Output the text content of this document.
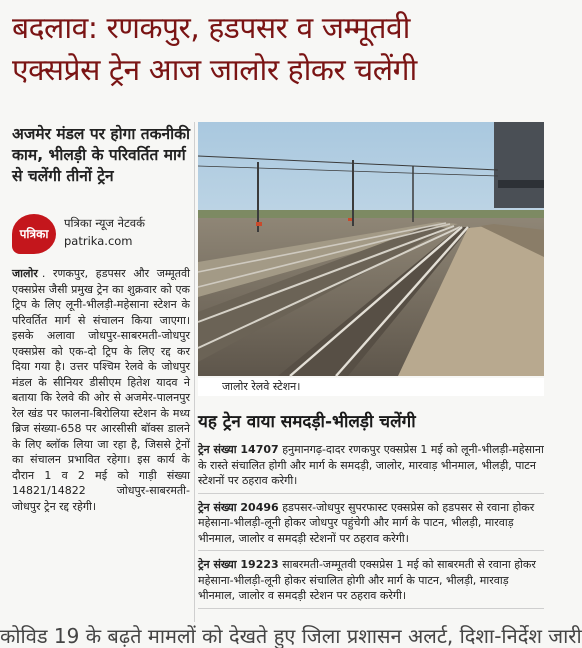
बदलाव: रणकपुर, हडपसर व जम्मूतवी
एक्सप्रेस ट्रेन आज जालोर होकर चलेंगी
अजमेर मंडल पर होगा तकनीकी काम, भीलड़ी के परिवर्तित मार्ग से चलेंगी तीनों ट्रेन
पत्रिका
पत्रिका न्यूज नेटवर्क
patrika.com
जालोर . रणकपुर, हडपसर और जम्मूतवी एक्सप्रेस जैसी प्रमुख ट्रेन का शुक्रवार को एक ट्रिप के लिए लूनी-भीलड़ी-महेसाना स्टेशन के परिवर्तित मार्ग से संचालन किया जाएगा। इसके अलावा जोधपुर-साबरमती-जोधपुर एक्सप्रेस को एक-दो ट्रिप के लिए रद्द कर दिया गया है। उत्तर पश्चिम रेलवे के जोधपुर मंडल के सीनियर डीसीएम हितेश यादव ने बताया कि रेलवे की ओर से अजमेर-पालनपुर रेल खंड पर फालना-बिरोलिया स्टेशन के मध्य ब्रिज संख्या-658 पर आरसीसी बॉक्स डालने के लिए ब्लॉक लिया जा रहा है, जिससे ट्रेनों का संचालन प्रभावित रहेगा। इस कार्य के दौरान 1 व 2 मई को गाड़ी संख्या 14821/14822 जोधपुर-साबरमती-जोधपुर ट्रेन रद्द रहेगी।
जालोर रेलवे स्टेशन।
यह ट्रेन वाया समदड़ी-भीलड़ी चलेंगी
ट्रेन संख्या 14707 हनुमानगढ़-दादर रणकपुर एक्सप्रेस 1 मई को लूनी-भीलड़ी-महेसाना के रास्ते संचालित होगी और मार्ग के समदड़ी, जालोर, मारवाड़ भीनमाल, भीलड़ी, पाटन स्टेशनों पर ठहराव करेगी।
ट्रेन संख्या 20496 हडपसर-जोधपुर सुपरफास्ट एक्सप्रेस को हडपसर से रवाना होकर महेसाना-भीलड़ी-लूनी होकर जोधपुर पहुंचेगी और मार्ग के पाटन, भीलड़ी, मारवाड़ भीनमाल, जालोर व समदड़ी स्टेशनों पर ठहराव करेगी।
ट्रेन संख्या 19223 साबरमती-जम्मूतवी एक्सप्रेस 1 मई को साबरमती से रवाना होकर महेसाना-भीलड़ी-लूनी होकर संचालित होगी और मार्ग के पाटन, भीलड़ी, मारवाड़ भीनमाल, जालोर व समदड़ी स्टेशन पर ठहराव करेगी।
कोविड 19 के बढ़ते मामलों को देखते हुए जिला प्रशासन अलर्ट, दिशा-निर्देश जारी
